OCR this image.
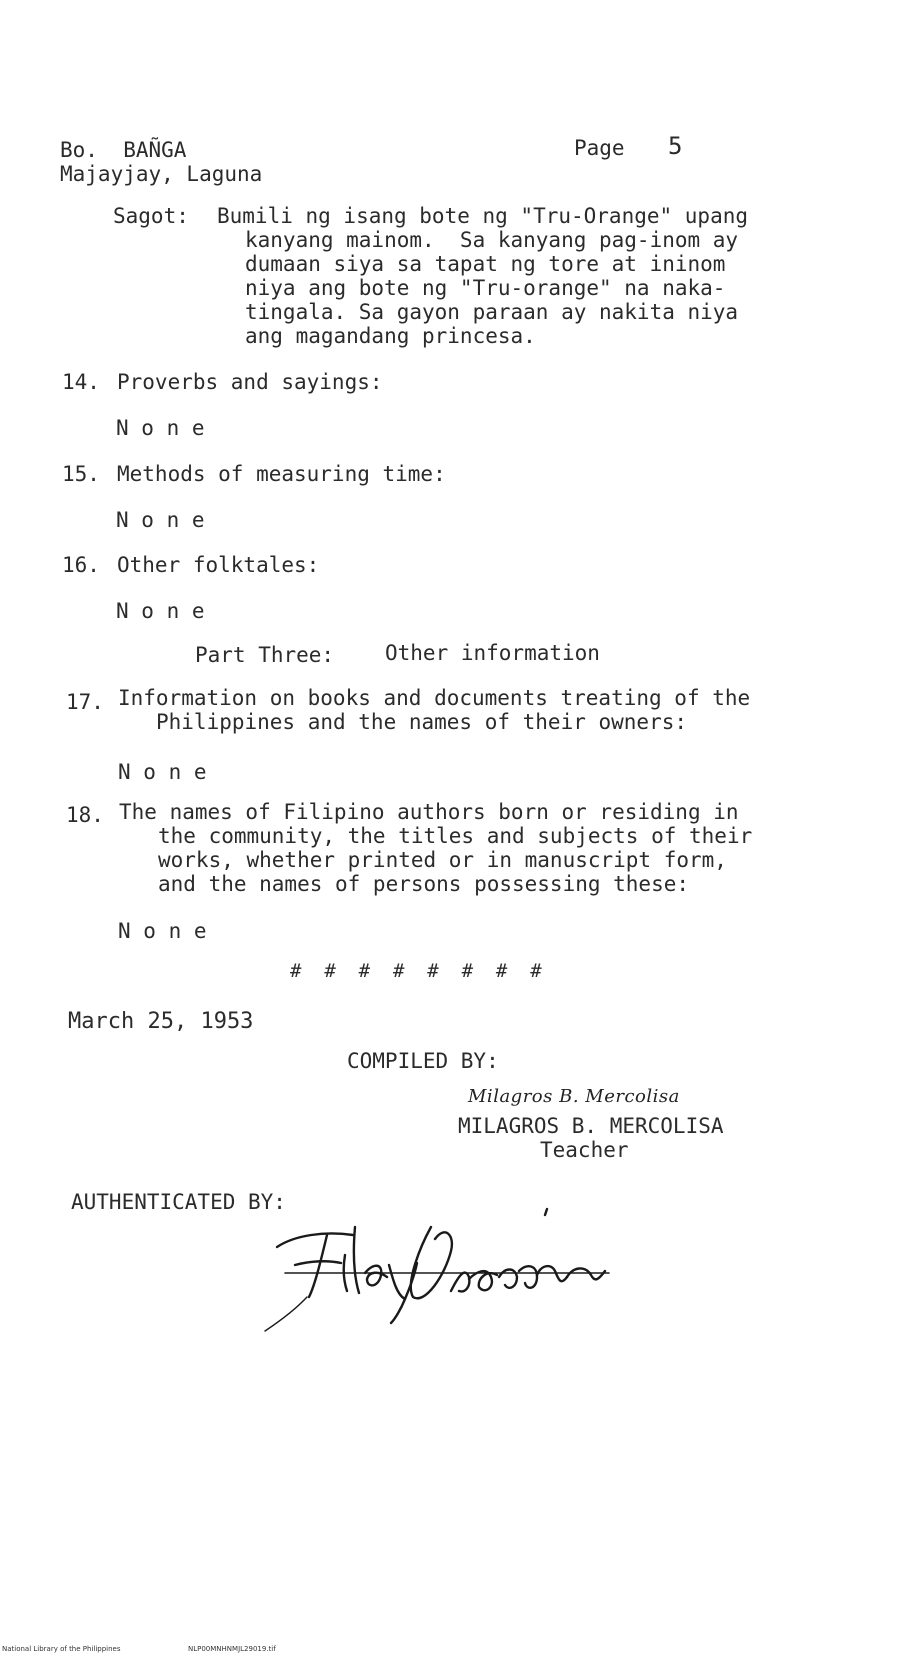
Bo.  BAÑGA
Majayjay, Laguna
Page 5
Sagot: Bumili ng isang bote ng "Tru-Orange" upang
kanyang mainom.  Sa kanyang pag-inom ay
dumaan siya sa tapat ng tore at ininom
niya ang bote ng "Tru-orange" na naka-
tingala. Sa gayon paraan ay nakita niya
ang magandang princesa.
14. Proverbs and sayings:
N o n e
15. Methods of measuring time:
N o n e
16. Other folktales:
N o n e
Part Three: Other information
17. Information on books and documents treating of the
Philippines and the names of their owners:
N o n e
18. The names of Filipino authors born or residing in
the community, the titles and subjects of their
works, whether printed or in manuscript form,
and the names of persons possessing these:
N o n e
#  #  #  #  #  #  #  #
March 25, 1953
COMPILED BY:
Milagros B. Mercolisa
MILAGROS B. MERCOLISA
Teacher
AUTHENTICATED BY:
National Library of the Philippines	NLP00MNHNMJL29019.tif
